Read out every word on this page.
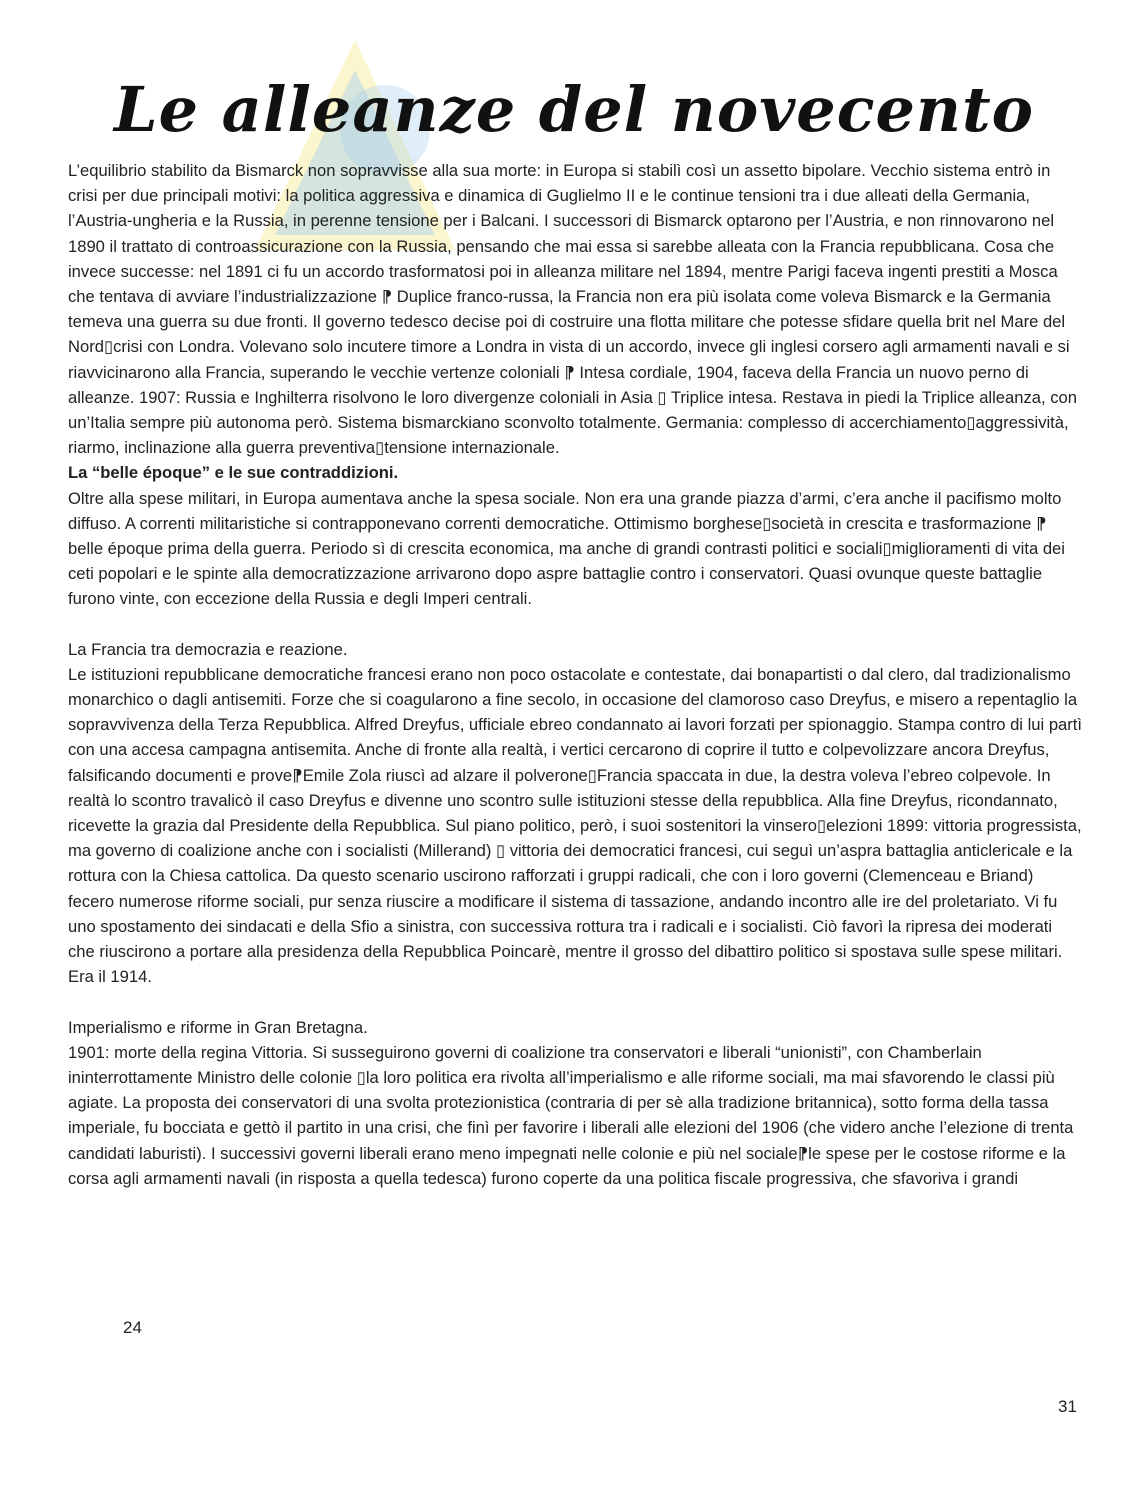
Le alleanze del novecento

L’equilibrio stabilito da Bismarck non sopravvisse alla sua morte: in Europa si stabilì così un assetto bipolare. Vecchio sistema entrò in crisi per due principali motivi: la politica aggressiva e dinamica di Guglielmo II e le continue tensioni tra i due alleati della Germania, l’Austria-ungheria e la Russia, in perenne tensione per i Balcani. I successori di Bismarck optarono per l’Austria, e non rinnovarono nel 1890 il trattato di controassicurazione con la Russia, pensando che mai essa si sarebbe alleata con la Francia repubblicana. Cosa che invece successe: nel 1891 ci fu un accordo trasformatosi poi in alleanza militare nel 1894, mentre Parigi faceva ingenti prestiti a Mosca che tentava di avviare l’industrializzazione ⁋ Duplice franco-russa, la Francia non era più isolata come voleva Bismarck e la Germania temeva una guerra su due fronti. Il governo tedesco decise poi di costruire una flotta militare che potesse sfidare quella brit nel Mare del Nord▯crisi con Londra. Volevano solo incutere timore a Londra in vista di un accordo, invece gli inglesi corsero agli armamenti navali e si riavvicinarono alla Francia, superando le vecchie vertenze coloniali ⁋ Intesa cordiale, 1904, faceva della Francia un nuovo perno di alleanze. 1907: Russia e Inghilterra risolvono le loro divergenze coloniali in Asia ▯ Triplice intesa. Restava in piedi la Triplice alleanza, con un’Italia sempre più autonoma però. Sistema bismarckiano sconvolto totalmente. Germania: complesso di accerchiamento▯aggressività, riarmo, inclinazione alla guerra preventiva▯tensione internazionale.

La “belle époque” e le sue contraddizioni.

Oltre alla spese militari, in Europa aumentava anche la spesa sociale. Non era una grande piazza d’armi, c’era anche il pacifismo molto diffuso. A correnti militaristiche si contrapponevano correnti democratiche. Ottimismo borghese▯società in crescita e trasformazione ⁋ belle époque prima della guerra. Periodo sì di crescita economica, ma anche di grandi contrasti politici e sociali▯miglioramenti di vita dei ceti popolari e le spinte alla democratizzazione arrivarono dopo aspre battaglie contro i conservatori. Quasi ovunque queste battaglie furono vinte, con eccezione della Russia e degli Imperi centrali.

La Francia tra democrazia e reazione.

Le istituzioni repubblicane democratiche francesi erano non poco ostacolate e contestate, dai bonapartisti o dal clero, dal tradizionalismo monarchico o dagli antisemiti. Forze che si coagularono a fine secolo, in occasione del clamoroso caso Dreyfus, e misero a repentaglio la sopravvivenza della Terza Repubblica. Alfred Dreyfus, ufficiale ebreo condannato ai lavori forzati per spionaggio. Stampa contro di lui partì con una accesa campagna antisemita. Anche di fronte alla realtà, i vertici cercarono di coprire il tutto e colpevolizzare ancora Dreyfus, falsificando documenti e prove⁋Emile Zola riuscì ad alzare il polverone▯Francia spaccata in due, la destra voleva l’ebreo colpevole. In realtà lo scontro travalicò il caso Dreyfus e divenne uno scontro sulle istituzioni stesse della repubblica. Alla fine Dreyfus, ricondannato, ricevette la grazia dal Presidente della Repubblica. Sul piano politico, però, i suoi sostenitori la vinsero▯elezioni 1899: vittoria progressista, ma governo di coalizione anche con i socialisti (Millerand) ▯ vittoria dei democratici francesi, cui seguì un’aspra battaglia anticlericale e la rottura con la Chiesa cattolica. Da questo scenario uscirono rafforzati i gruppi radicali, che con i loro governi (Clemenceau e Briand) fecero numerose riforme sociali, pur senza riuscire a modificare il sistema di tassazione, andando incontro alle ire del proletariato. Vi fu uno spostamento dei sindacati e della Sfio a sinistra, con successiva rottura tra i radicali e i socialisti. Ciò favorì la ripresa dei moderati che riuscirono a portare alla presidenza della Repubblica Poincarè, mentre il grosso del dibattiro politico si spostava sulle spese militari. Era il 1914.

Imperialismo e riforme in Gran Bretagna.

1901: morte della regina Vittoria. Si susseguirono governi di coalizione tra conservatori e liberali “unionisti”, con Chamberlain ininterrottamente Ministro delle colonie ▯la loro politica era rivolta all’imperialismo e alle riforme sociali, ma mai sfavorendo le classi più agiate. La proposta dei conservatori di una svolta protezionistica (contraria di per sè alla tradizione britannica), sotto forma della tassa imperiale, fu bocciata e gettò il partito in una crisi, che finì per favorire i liberali alle elezioni del 1906 (che videro anche l’elezione di trenta candidati laburisti). I successivi governi liberali erano meno impegnati nelle colonie e più nel sociale⁋le spese per le costose riforme e la corsa agli armamenti navali (in risposta a quella tedesca) furono coperte da una politica fiscale progressiva, che sfavoriva i grandi

24
31
